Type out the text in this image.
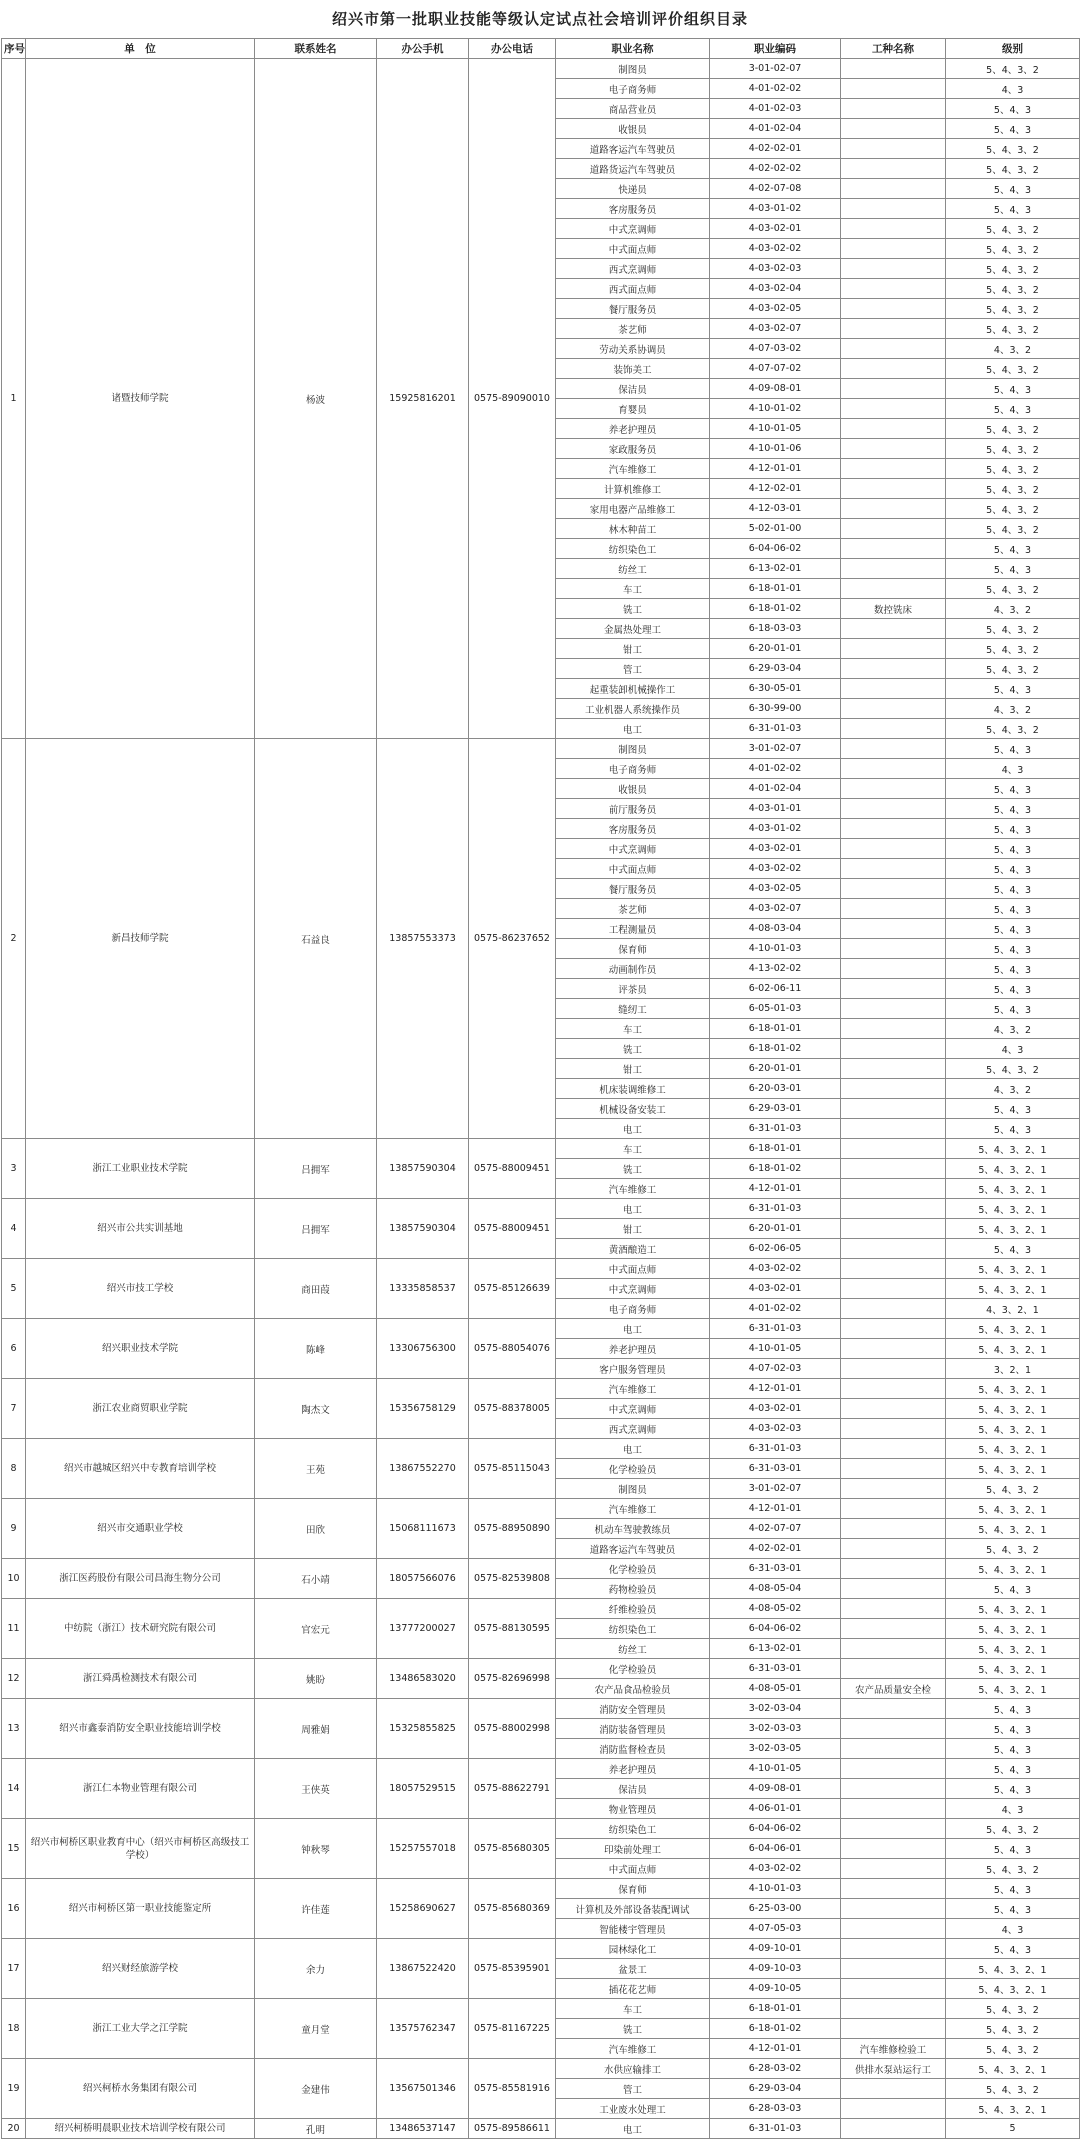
绍兴市第一批职业技能等级认定试点社会培训评价组织目录
序号	单　位	联系姓名	办公手机	办公电话	职业名称	职业编码	工种名称	级别
1	诸暨技师学院	杨波	15925816201	0575-89090010	制图员	3-01-02-07		5、4、3、2
					电子商务师	4-01-02-02		4、3
					商品营业员	4-01-02-03		5、4、3
					收银员	4-01-02-04		5、4、3
					道路客运汽车驾驶员	4-02-02-01		5、4、3、2
					道路货运汽车驾驶员	4-02-02-02		5、4、3、2
					快递员	4-02-07-08		5、4、3
					客房服务员	4-03-01-02		5、4、3
					中式烹调师	4-03-02-01		5、4、3、2
					中式面点师	4-03-02-02		5、4、3、2
					西式烹调师	4-03-02-03		5、4、3、2
					西式面点师	4-03-02-04		5、4、3、2
					餐厅服务员	4-03-02-05		5、4、3、2
					茶艺师	4-03-02-07		5、4、3、2
					劳动关系协调员	4-07-03-02		4、3、2
					装饰美工	4-07-07-02		5、4、3、2
					保洁员	4-09-08-01		5、4、3
					育婴员	4-10-01-02		5、4、3
					养老护理员	4-10-01-05		5、4、3、2
					家政服务员	4-10-01-06		5、4、3、2
					汽车维修工	4-12-01-01		5、4、3、2
					计算机维修工	4-12-02-01		5、4、3、2
					家用电器产品维修工	4-12-03-01		5、4、3、2
					林木种苗工	5-02-01-00		5、4、3、2
					纺织染色工	6-04-06-02		5、4、3
					纺丝工	6-13-02-01		5、4、3
					车工	6-18-01-01		5、4、3、2
					铣工	6-18-01-02	数控铣床	4、3、2
					金属热处理工	6-18-03-03		5、4、3、2
					钳工	6-20-01-01		5、4、3、2
					管工	6-29-03-04		5、4、3、2
					起重装卸机械操作工	6-30-05-01		5、4、3
					工业机器人系统操作员	6-30-99-00		4、3、2
					电工	6-31-01-03		5、4、3、2
2	新昌技师学院	石益良	13857553373	0575-86237652	制图员	3-01-02-07		5、4、3
					电子商务师	4-01-02-02		4、3
					收银员	4-01-02-04		5、4、3
					前厅服务员	4-03-01-01		5、4、3
					客房服务员	4-03-01-02		5、4、3
					中式烹调师	4-03-02-01		5、4、3
					中式面点师	4-03-02-02		5、4、3
					餐厅服务员	4-03-02-05		5、4、3
					茶艺师	4-03-02-07		5、4、3
					工程测量员	4-08-03-04		5、4、3
					保育师	4-10-01-03		5、4、3
					动画制作员	4-13-02-02		5、4、3
					评茶员	6-02-06-11		5、4、3
					缝纫工	6-05-01-03		5、4、3
					车工	6-18-01-01		4、3、2
					铣工	6-18-01-02		4、3
					钳工	6-20-01-01		5、4、3、2
					机床装调维修工	6-20-03-01		4、3、2
					机械设备安装工	6-29-03-01		5、4、3
					电工	6-31-01-03		5、4、3
3	浙江工业职业技术学院	吕拥军	13857590304	0575-88009451	车工	6-18-01-01		5、4、3、2、1
					铣工	6-18-01-02		5、4、3、2、1
					汽车维修工	4-12-01-01		5、4、3、2、1
4	绍兴市公共实训基地	吕拥军	13857590304	0575-88009451	电工	6-31-01-03		5、4、3、2、1
					钳工	6-20-01-01		5、4、3、2、1
					黄酒酿造工	6-02-06-05		5、4、3
5	绍兴市技工学校	商田葭	13335858537	0575-85126639	中式面点师	4-03-02-02		5、4、3、2、1
					中式烹调师	4-03-02-01		5、4、3、2、1
					电子商务师	4-01-02-02		4、3、2、1
6	绍兴职业技术学院	陈峰	13306756300	0575-88054076	电工	6-31-01-03		5、4、3、2、1
					养老护理员	4-10-01-05		5、4、3、2、1
					客户服务管理员	4-07-02-03		3、2、1
7	浙江农业商贸职业学院	陶杰文	15356758129	0575-88378005	汽车维修工	4-12-01-01		5、4、3、2、1
					中式烹调师	4-03-02-01		5、4、3、2、1
					西式烹调师	4-03-02-03		5、4、3、2、1
8	绍兴市越城区绍兴中专教育培训学校	王苑	13867552270	0575-85115043	电工	6-31-01-03		5、4、3、2、1
					化学检验员	6-31-03-01		5、4、3、2、1
					制图员	3-01-02-07		5、4、3、2
9	绍兴市交通职业学校	田欣	15068111673	0575-88950890	汽车维修工	4-12-01-01		5、4、3、2、1
					机动车驾驶教练员	4-02-07-07		5、4、3、2、1
					道路客运汽车驾驶员	4-02-02-01		5、4、3、2
10	浙江医药股份有限公司昌海生物分公司	石小靖	18057566076	0575-82539808	化学检验员	6-31-03-01		5、4、3、2、1
					药物检验员	4-08-05-04		5、4、3
11	中纺院（浙江）技术研究院有限公司	官宏元	13777200027	0575-88130595	纤维检验员	4-08-05-02		5、4、3、2、1
					纺织染色工	6-04-06-02		5、4、3、2、1
					纺丝工	6-13-02-01		5、4、3、2、1
12	浙江舜禹检测技术有限公司	姚盼	13486583020	0575-82696998	化学检验员	6-31-03-01		5、4、3、2、1
					农产品食品检验员	4-08-05-01	农产品质量安全检	5、4、3、2、1
13	绍兴市鑫泰消防安全职业技能培训学校	周雅娟	15325855825	0575-88002998	消防安全管理员	3-02-03-04		5、4、3
					消防装备管理员	3-02-03-03		5、4、3
					消防监督检查员	3-02-03-05		5、4、3
14	浙江仁本物业管理有限公司	王侠英	18057529515	0575-88622791	养老护理员	4-10-01-05		5、4、3
					保洁员	4-09-08-01		5、4、3
					物业管理员	4-06-01-01		4、3
15	绍兴市柯桥区职业教育中心（绍兴市柯桥区高级技工学校）	钟秋琴	15257557018	0575-85680305	纺织染色工	6-04-06-02		5、4、3、2
					印染前处理工	6-04-06-01		5、4、3
					中式面点师	4-03-02-02		5、4、3、2
16	绍兴市柯桥区第一职业技能鉴定所	许佳莲	15258690627	0575-85680369	保育师	4-10-01-03		5、4、3
					计算机及外部设备装配调试	6-25-03-00		5、4、3
					智能楼宇管理员	4-07-05-03		4、3
17	绍兴财经旅游学校	余力	13867522420	0575-85395901	园林绿化工	4-09-10-01		5、4、3
					盆景工	4-09-10-03		5、4、3、2、1
					插花花艺师	4-09-10-05		5、4、3、2、1
18	浙江工业大学之江学院	童月堂	13575762347	0575-81167225	车工	6-18-01-01		5、4、3、2
					铣工	6-18-01-02		5、4、3、2
					汽车维修工	4-12-01-01	汽车维修检验工	5、4、3、2
19	绍兴柯桥水务集团有限公司	金建伟	13567501346	0575-85581916	水供应输排工	6-28-03-02	供排水泵站运行工	5、4、3、2、1
					管工	6-29-03-04		5、4、3、2
					工业废水处理工	6-28-03-03		5、4、3、2、1
20	绍兴柯桥明晨职业技术培训学校有限公司	孔明	13486537147	0575-89586611	电工	6-31-01-03		5
